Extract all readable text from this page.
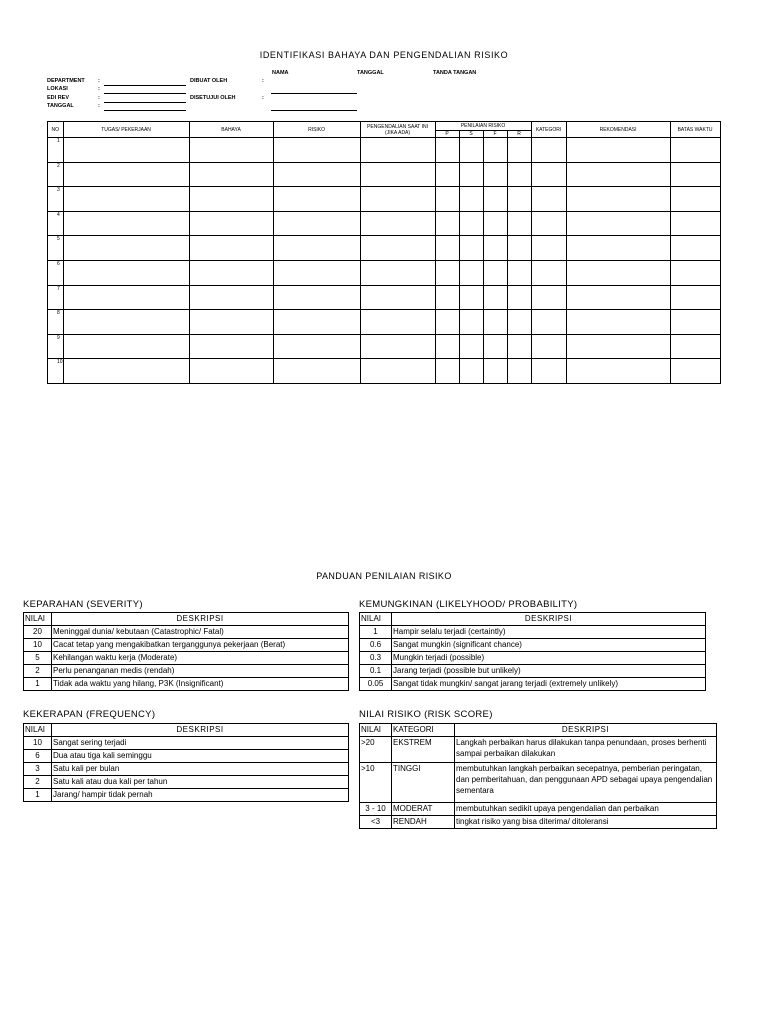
IDENTIFIKASI BAHAYA DAN PENGENDALIAN RISIKO
NAMA	TANGGAL	TANDA TANGAN
DEPARTMENT :
LOKASI	:
EDI REV	:
TANGGAL	:
DIBUAT OLEH	:
DISETUJUI OLEH	:
NO	TUGAS/ PEKERJAAN	BAHAYA	RISIKO	PENGENDALIAN SAAT INI (JIKA ADA)	PENILAIAN RISIKO				KATEGORI	REKOMENDASI	BATAS WAKTU
					P	S	F	R			
1											
2											
3											
4											
5											
6											
7											
8											
9											
10											
PANDUAN PENILAIAN RISIKO
KEPARAHAN (SEVERITY)
NILAI	DESKRIPSI
20	Meninggal dunia/ kebutaan (Catastrophic/ Fatal)
10	Cacat tetap yang mengakibatkan terganggunya pekerjaan (Berat)
5	Kehilangan waktu kerja (Moderate)
2	Perlu penanganan medis (rendah)
1	Tidak ada waktu yang hilang, P3K (Insignificant)
KEMUNGKINAN (LIKELYHOOD/ PROBABILITY)
NILAI	DESKRIPSI
1	Hampir selalu terjadi (certaintly)
0.6	Sangat mungkin (significant chance)
0.3	Mungkin terjadi (possible)
0.1	Jarang terjadi (possible but unlikely)
0.05	Sangat tidak mungkin/ sangat jarang terjadi (extremely unlikely)
KEKERAPAN (FREQUENCY)
NILAI	DESKRIPSI
10	Sangat sering terjadi
6	Dua atau tiga kali seminggu
3	Satu kali per bulan
2	Satu kali atau dua kali per tahun
1	Jarang/ hampir tidak pernah
NILAI RISIKO (RISK SCORE)
NILAI	KATEGORI	DESKRIPSI
>20	EKSTREM	Langkah perbaikan harus dilakukan tanpa penundaan, proses berhenti sampai perbaikan dilakukan
>10	TINGGI	membutuhkan langkah perbaikan secepatnya, pemberian peringatan, dan pemberitahuan, dan penggunaan APD sebagai upaya pengendalian sementara
3 - 10	MODERAT	membutuhkan sedikit upaya pengendalian dan perbaikan
<3	RENDAH	tingkat risiko yang bisa diterima/ ditoleransi
